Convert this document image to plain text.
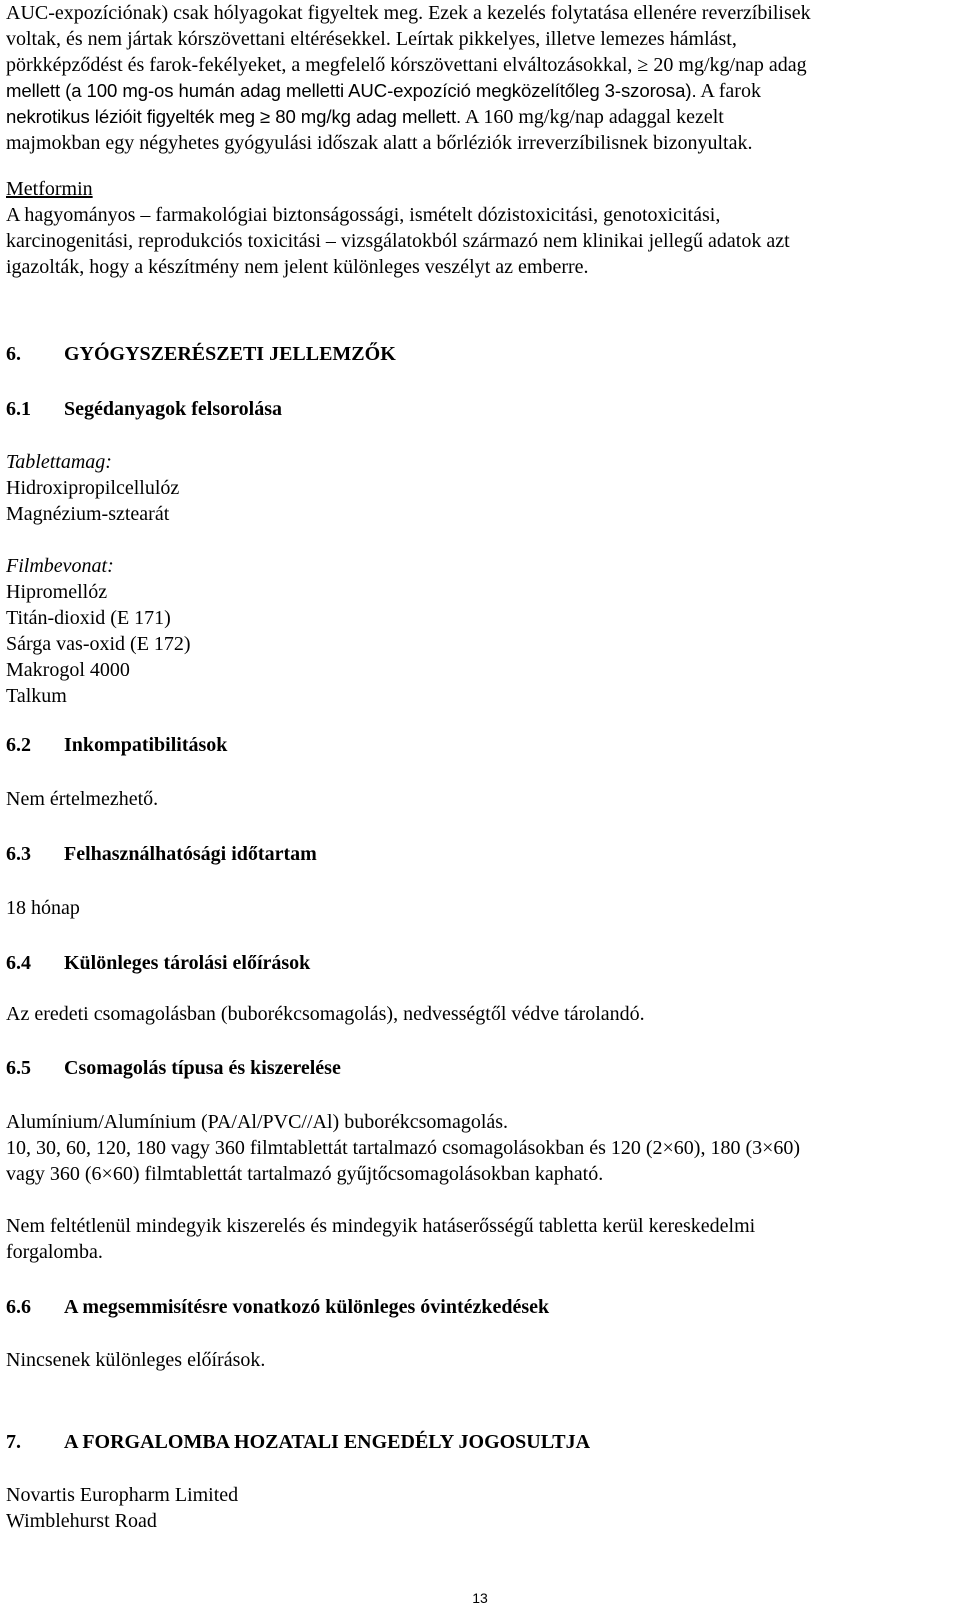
AUC-expozíciónak) csak hólyagokat figyeltek meg. Ezek a kezelés folytatása ellenére reverzíbilisek
voltak, és nem jártak kórszövettani eltérésekkel. Leírtak pikkelyes, illetve lemezes hámlást,
pörkképződést és farok-fekélyeket, a megfelelő kórszövettani elváltozásokkal, ≥ 20 mg/kg/nap adag
mellett (a 100 mg-os humán adag melletti AUC-expozíció megközelítőleg 3-szorosa). A farok
nekrotikus lézióit figyelték meg ≥ 80 mg/kg adag mellett. A 160 mg/kg/nap adaggal kezelt
majmokban egy négyhetes gyógyulási időszak alatt a bőrléziók irreverzíbilisnek bizonyultak.
Metformin
A hagyományos – farmakológiai biztonságossági, ismételt dózistoxicitási, genotoxicitási,
karcinogenitási, reprodukciós toxicitási – vizsgálatokból származó nem klinikai jellegű adatok azt
igazolták, hogy a készítmény nem jelent különleges veszélyt az emberre.
6. GYÓGYSZERÉSZETI JELLEMZŐK
6.1 Segédanyagok felsorolása
Tablettamag:
Hidroxipropilcellulóz
Magnézium-sztearát
Filmbevonat:
Hipromellóz
Titán-dioxid (E 171)
Sárga vas-oxid (E 172)
Makrogol 4000
Talkum
6.2 Inkompatibilitások
Nem értelmezhető.
6.3 Felhasználhatósági időtartam
18 hónap
6.4 Különleges tárolási előírások
Az eredeti csomagolásban (buborékcsomagolás), nedvességtől védve tárolandó.
6.5 Csomagolás típusa és kiszerelése
Alumínium/Alumínium (PA/Al/PVC//Al) buborékcsomagolás.
10, 30, 60, 120, 180 vagy 360 filmtablettát tartalmazó csomagolásokban és 120 (2×60), 180 (3×60)
vagy 360 (6×60) filmtablettát tartalmazó gyűjtőcsomagolásokban kapható.
Nem feltétlenül mindegyik kiszerelés és mindegyik hatáserősségű tabletta kerül kereskedelmi
forgalomba.
6.6 A megsemmisítésre vonatkozó különleges óvintézkedések
Nincsenek különleges előírások.
7. A FORGALOMBA HOZATALI ENGEDÉLY JOGOSULTJA
Novartis Europharm Limited
Wimblehurst Road
13
